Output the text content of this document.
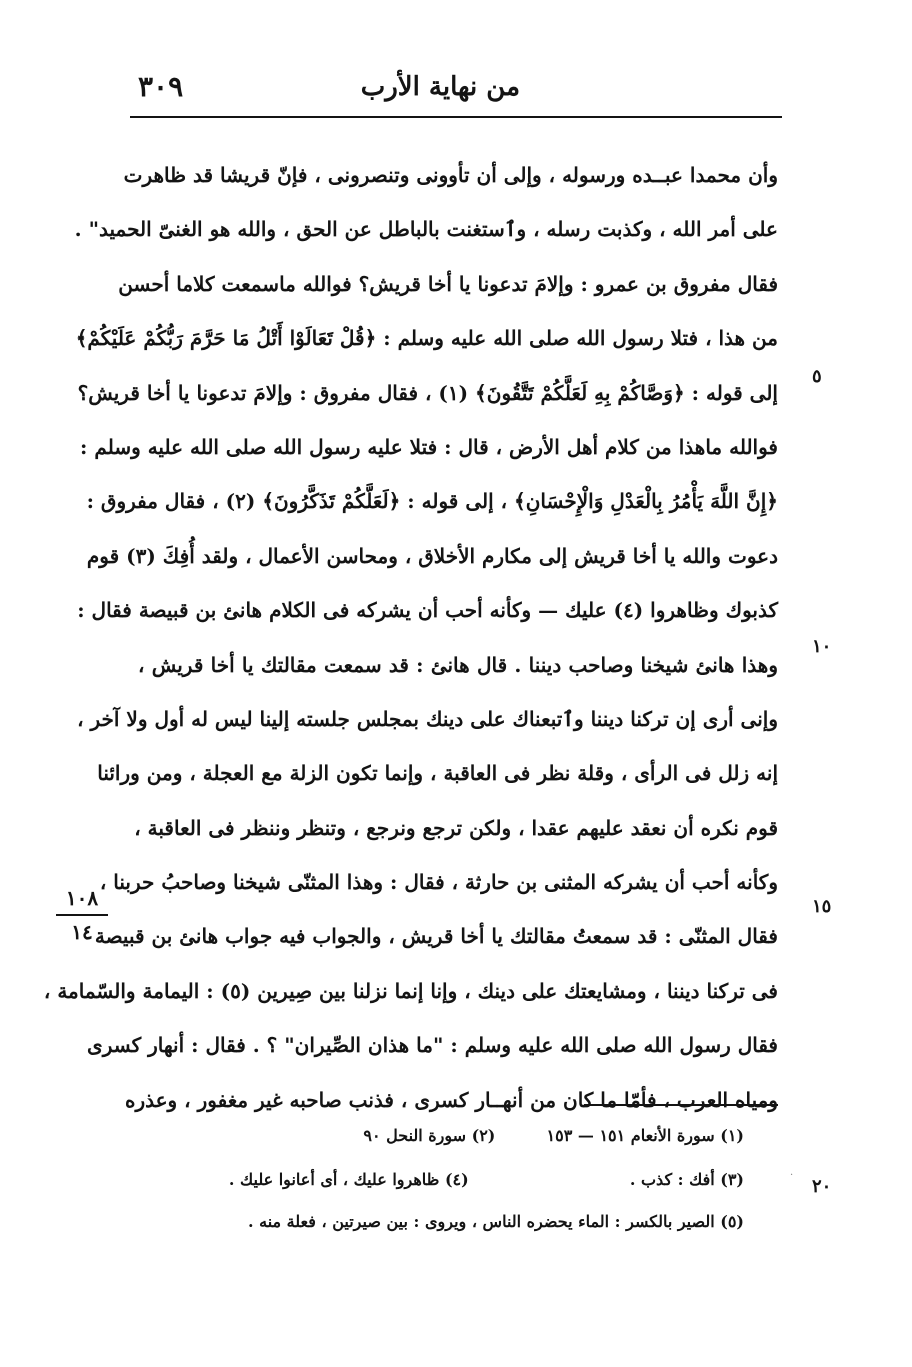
من نهاية الأرب
٣٠٩
وأن محمدا عبــده ورسوله ، وإلى أن تأوونى وتنصرونى ، فإنّ قريشا قد ظاهرت
على أمر الله ، وكذبت رسله ، وٱستغنت بالباطل عن الحق ، والله هو الغنىّ الحميد" .
فقال مفروق بن عمرو : وإلامَ تدعونا يا أخا قريش؟ فوالله ماسمعت كلاما أحسن
من هذا ، فتلا رسول الله صلى الله عليه وسلم : ﴿قُلْ تَعَالَوْا أَتْلُ مَا حَرَّمَ رَبُّكُمْ عَلَيْكُمْ﴾
إلى قوله : ﴿وَصَّاكُمْ بِهِ لَعَلَّكُمْ تَتَّقُونَ﴾ (١) ، فقال مفروق : وإلامَ تدعونا يا أخا قريش؟
فوالله ماهذا من كلام أهل الأرض ، قال : فتلا عليه رسول الله صلى الله عليه وسلم :
﴿إِنَّ اللَّهَ يَأْمُرُ بِالْعَدْلِ وَالْإِحْسَانِ﴾ ، إلى قوله : ﴿لَعَلَّكُمْ تَذَكَّرُونَ﴾ (٢) ، فقال مفروق :
دعوت والله يا أخا قريش إلى مكارم الأخلاق ، ومحاسن الأعمال ، ولقد أُفِكَ (٣) قوم
كذبوك وظاهروا (٤) عليك — وكأنه أحب أن يشركه فى الكلام هانئ بن قبيصة فقال :
وهذا هانئ شيخنا وصاحب ديننا . قال هانئ : قد سمعت مقالتك يا أخا قريش ،
وإنى أرى إن تركنا ديننا وٱتبعناك على دينك بمجلس جلسته إلينا ليس له أول ولا آخر ،
إنه زلل فى الرأى ، وقلة نظر فى العاقبة ، وإنما تكون الزلة مع العجلة ، ومن ورائنا
قوم نكره أن نعقد عليهم عقدا ، ولكن ترجع ونرجع ، وتنظر وننظر فى العاقبة ،
وكأنه أحب أن يشركه المثنى بن حارثة ، فقال : وهذا المثنّى شيخنا وصاحبُ حربنا ،
فقال المثنّى : قد سمعتُ مقالتك يا أخا قريش ، والجواب فيه جواب هانئ بن قبيصة
فى تركنا ديننا ، ومشايعتك على دينك ، وإنا إنما نزلنا بين صِيرين (٥) : اليمامة والسّمامة ،
فقال رسول الله صلى الله عليه وسلم : "ما هذان الصِّيران" ؟ . فقال : أنهار كسرى
ومياه العرب ، فأمّا ما كان من أنهــار كسرى ، فذنب صاحبه غير مغفور ، وعذره
٥
١٠
١٥
٢٠
١٠٨
١٤
(١) سورة الأنعام ١٥١ — ١٥٣  (٢) سورة النحل ٩٠
(٣) أفك : كذب .  (٤) ظاهروا عليك ، أى أعانوا عليك .
(٥) الصير بالكسر : الماء يحضره الناس ، ويروى : بين صيرتين ، فعلة منه .
·
